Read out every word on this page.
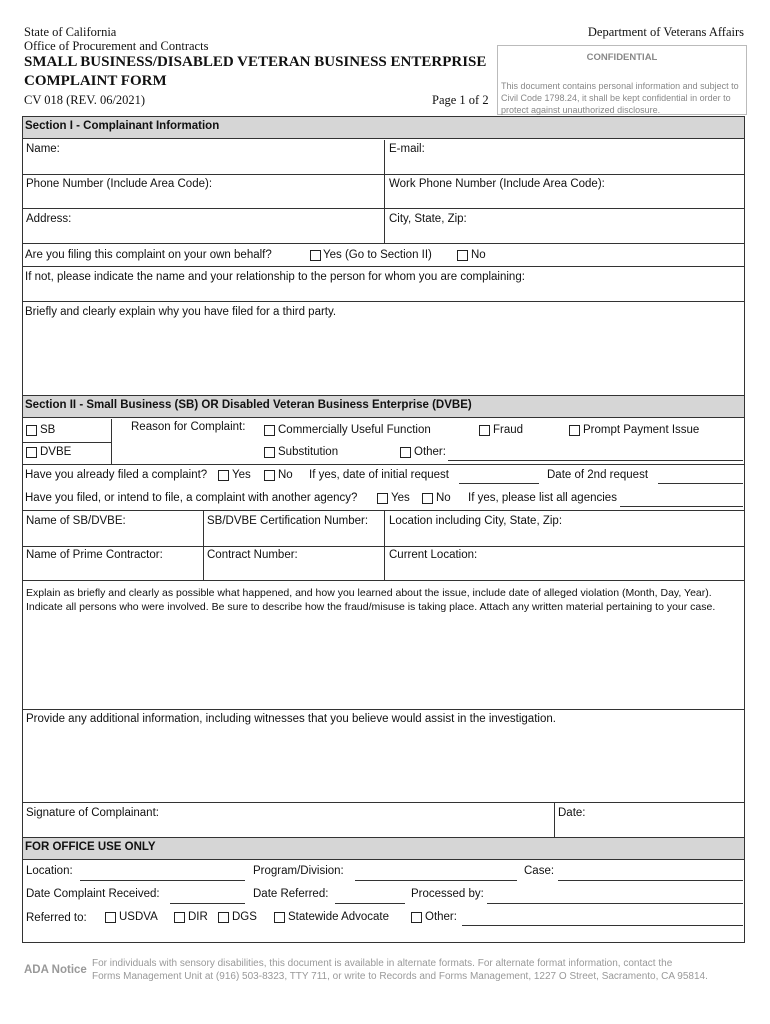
State of California
Office of Procurement and Contracts
Department of Veterans Affairs
SMALL BUSINESS/DISABLED VETERAN BUSINESS ENTERPRISE
COMPLAINT FORM
CV 018 (REV. 06/2021)	Page 1 of 2
CONFIDENTIAL
This document contains personal information and subject to Civil Code 1798.24, it shall be kept confidential in order to protect against unauthorized disclosure.
Section I - Complainant Information
Name:	E-mail:
Phone Number (Include Area Code):	Work Phone Number (Include Area Code):
Address:	City, State, Zip:
Are you filing this complaint on your own behalf?	Yes (Go to Section II)	No
If not, please indicate the name and your relationship to the person for whom you are complaining:
Briefly and clearly explain why you have filed for a third party.
Section II - Small Business (SB) OR Disabled Veteran Business Enterprise (DVBE)
SB
DVBE
Reason for Complaint:	Commercially Useful Function	Fraud	Prompt Payment Issue
Substitution	Other:
Have you already filed a complaint? Yes No If yes, date of initial request	Date of 2nd request
Have you filed, or intend to file, a complaint with another agency?	Yes No If yes, please list all agencies
Name of SB/DVBE:	SB/DVBE Certification Number: Location including City, State, Zip:
Name of Prime Contractor:	Contract Number:	Current Location:
Explain as briefly and clearly as possible what happened, and how you learned about the issue, include date of alleged violation (Month, Day, Year).
Indicate all persons who were involved. Be sure to describe how the fraud/misuse is taking place. Attach any written material pertaining to your case.
Provide any additional information, including witnesses that you believe would assist in the investigation.
Signature of Complainant:	Date:
FOR OFFICE USE ONLY
Location:	Program/Division:	Case:
Date Complaint Received:	Date Referred:	Processed by:
Referred to:	USDVA	DIR DGS	Statewide Advocate	Other:
ADA Notice
For individuals with sensory disabilities, this document is available in alternate formats. For alternate format information, contact the
Forms Management Unit at (916) 503-8323, TTY 711, or write to Records and Forms Management, 1227 O Street, Sacramento, CA 95814.
